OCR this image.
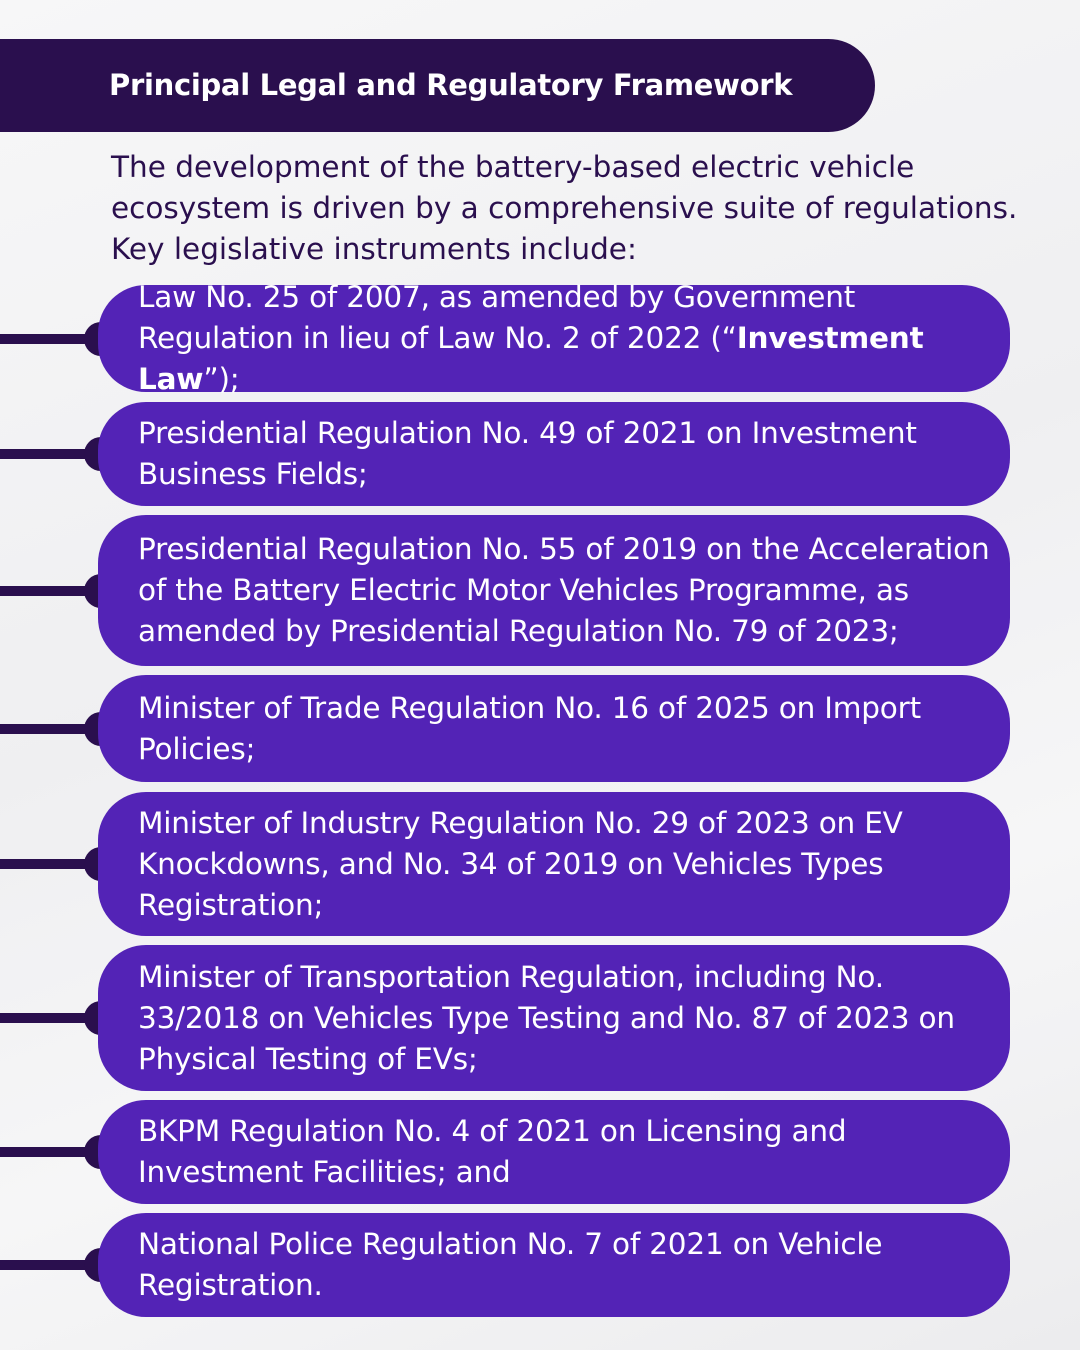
Principal Legal and Regulatory Framework

The development of the battery-based electric vehicle ecosystem is driven by a comprehensive suite of regulations. Key legislative instruments include:

Law No. 25 of 2007, as amended by Government Regulation in lieu of Law No. 2 of 2022 (“Investment Law”);
Presidential Regulation No. 49 of 2021 on Investment Business Fields;
Presidential Regulation No. 55 of 2019 on the Acceleration of the Battery Electric Motor Vehicles Programme, as amended by Presidential Regulation No. 79 of 2023;
Minister of Trade Regulation No. 16 of 2025 on Import Policies;
Minister of Industry Regulation No. 29 of 2023 on EV Knockdowns, and No. 34 of 2019 on Vehicles Types Registration;
Minister of Transportation Regulation, including No. 33/2018 on Vehicles Type Testing and No. 87 of 2023 on Physical Testing of EVs;
BKPM Regulation No. 4 of 2021 on Licensing and Investment Facilities; and
National Police Regulation No. 7 of 2021 on Vehicle Registration.
